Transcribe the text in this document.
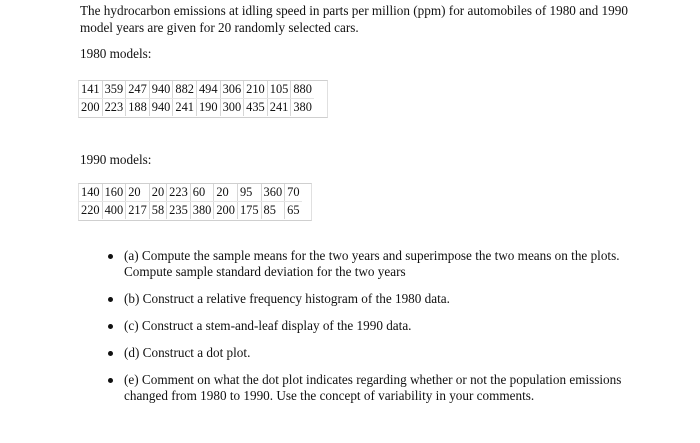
The hydrocarbon emissions at idling speed in parts per million (ppm) for automobiles of 1980 and 1990 model years are given for 20 randomly selected cars.

1980 models:

141	359	247	940	882	494	306	210	105	880
200	223	188	940	241	190	300	435	241	380

1990 models:

140	160	20	20	223	60	20	95	360	70
220	400	217	58	235	380	200	175	85	65
(a) Compute the sample means for the two years and superimpose the two means on the plots. Compute sample standard deviation for the two years
(b) Construct a relative frequency histogram of the 1980 data.
(c) Construct a stem-and-leaf display of the 1990 data.
(d) Construct a dot plot.
(e) Comment on what the dot plot indicates regarding whether or not the population emissions changed from 1980 to 1990. Use the concept of variability in your comments.
